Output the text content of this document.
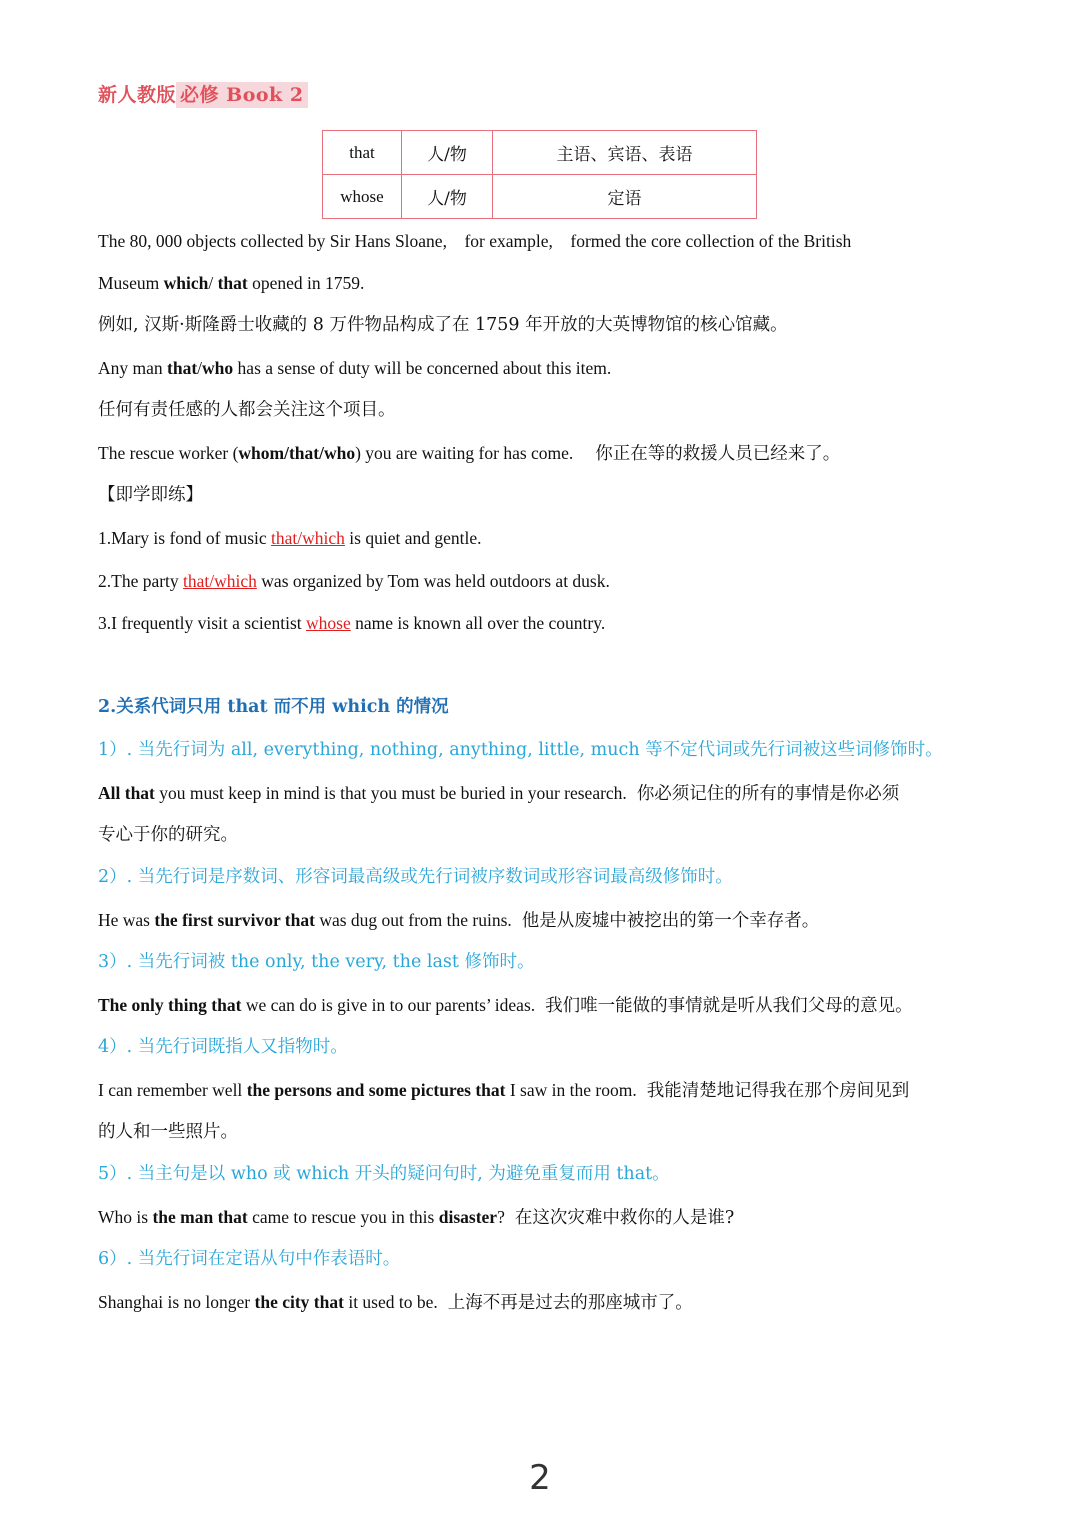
新人教版 必修 Book 2
that	人/物	主语、宾语、表语
whose	人/物	定语
The 80, 000 objects collected by Sir Hans Sloane,    for example,    formed the core collection of the British
Museum which/ that opened in 1759.
例如, 汉斯·斯隆爵士收藏的 8 万件物品构成了在 1759 年开放的大英博物馆的核心馆藏。
Any man that/who has a sense of duty will be concerned about this item.
任何有责任感的人都会关注这个项目。
The rescue worker (whom/that/who) you are waiting for has come. 你正在等的救援人员已经来了。
【即学即练】
1.Mary is fond of music that/which is quiet and gentle.
2.The party that/which was organized by Tom was held outdoors at dusk.
3.I frequently visit a scientist whose name is known all over the country.
2.关系代词只用 that 而不用 which 的情况
1）. 当先行词为 all, everything, nothing, anything, little, much 等不定代词或先行词被这些词修饰时。
All that you must keep in mind is that you must be buried in your research. 你必须记住的所有的事情是你必须
专心于你的研究。
2）. 当先行词是序数词、形容词最高级或先行词被序数词或形容词最高级修饰时。
He was the first survivor that was dug out from the ruins. 他是从废墟中被挖出的第一个幸存者。
3）. 当先行词被 the only, the very, the last 修饰时。
The only thing that we can do is give in to our parents’ ideas. 我们唯一能做的事情就是听从我们父母的意见。
4）. 当先行词既指人又指物时。
I can remember well the persons and some pictures that I saw in the room. 我能清楚地记得我在那个房间见到
的人和一些照片。
5）. 当主句是以 who 或 which 开头的疑问句时, 为避免重复而用 that。
Who is the man that came to rescue you in this disaster? 在这次灾难中救你的人是谁?
6）. 当先行词在定语从句中作表语时。
Shanghai is no longer the city that it used to be. 上海不再是过去的那座城市了。
2
